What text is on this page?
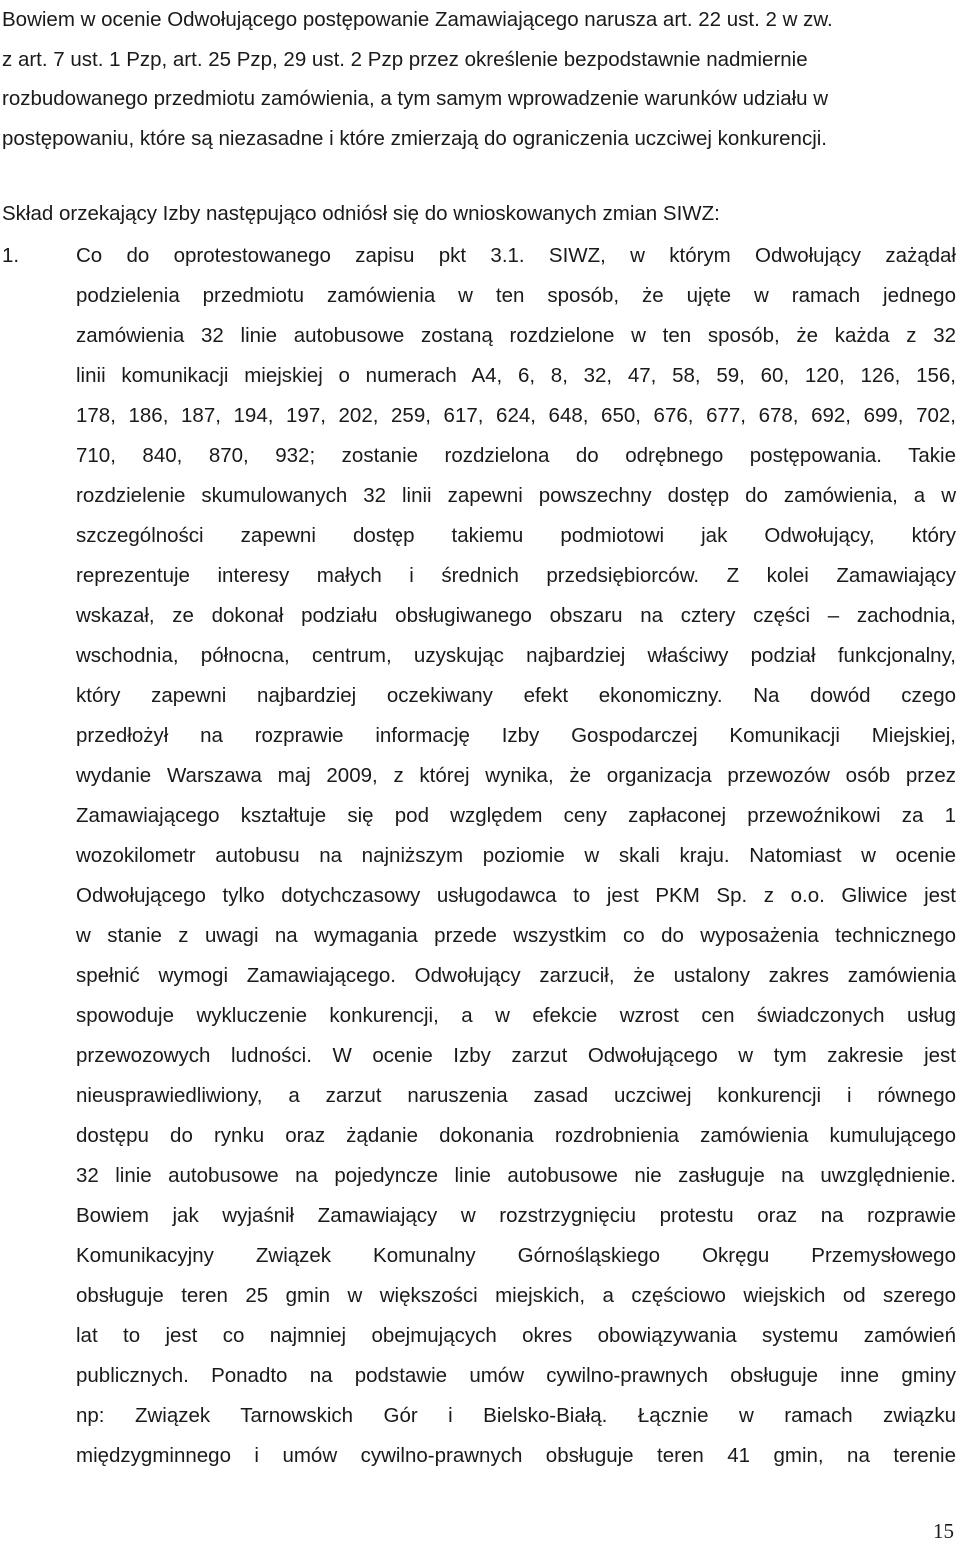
Bowiem w ocenie Odwołującego postępowanie Zamawiającego narusza art. 22 ust. 2 w zw.
z art. 7 ust. 1 Pzp, art. 25 Pzp, 29 ust. 2 Pzp przez określenie bezpodstawnie nadmiernie
rozbudowanego przedmiotu zamówienia, a tym samym wprowadzenie warunków udziału w
postępowaniu, które są niezasadne i które zmierzają do ograniczenia uczciwej konkurencji.

Skład orzekający Izby następująco odniósł się do wnioskowanych zmian SIWZ:

1.	Co do oprotestowanego zapisu pkt 3.1. SIWZ, w którym Odwołujący zażądał
podzielenia przedmiotu zamówienia w ten sposób, że ujęte w ramach jednego
zamówienia 32 linie autobusowe zostaną rozdzielone w ten sposób, że każda z 32
linii komunikacji miejskiej o numerach A4, 6, 8, 32, 47, 58, 59, 60, 120, 126, 156,
178, 186, 187, 194, 197, 202, 259, 617, 624, 648, 650, 676, 677, 678, 692, 699, 702,
710, 840, 870, 932; zostanie rozdzielona do odrębnego postępowania. Takie
rozdzielenie skumulowanych 32 linii zapewni powszechny dostęp do zamówienia, a w
szczególności zapewni dostęp takiemu podmiotowi jak Odwołujący, który
reprezentuje interesy małych i średnich przedsiębiorców. Z kolei Zamawiający
wskazał, ze dokonał podziału obsługiwanego obszaru na cztery części – zachodnia,
wschodnia, północna, centrum, uzyskując najbardziej właściwy podział funkcjonalny,
który zapewni najbardziej oczekiwany efekt ekonomiczny. Na dowód czego
przedłożył na rozprawie informację Izby Gospodarczej Komunikacji Miejskiej,
wydanie Warszawa maj 2009, z której wynika, że organizacja przewozów osób przez
Zamawiającego kształtuje się pod względem ceny zapłaconej przewoźnikowi za 1
wozokilometr autobusu na najniższym poziomie w skali kraju. Natomiast w ocenie
Odwołującego tylko dotychczasowy usługodawca to jest PKM Sp. z o.o. Gliwice jest
w stanie z uwagi na wymagania przede wszystkim co do wyposażenia technicznego
spełnić wymogi Zamawiającego. Odwołujący zarzucił, że ustalony zakres zamówienia
spowoduje wykluczenie konkurencji, a w efekcie wzrost cen świadczonych usług
przewozowych ludności. W ocenie Izby zarzut Odwołującego w tym zakresie jest
nieusprawiedliwiony, a zarzut naruszenia zasad uczciwej konkurencji i równego
dostępu do rynku oraz żądanie dokonania rozdrobnienia zamówienia kumulującego
32 linie autobusowe na pojedyncze linie autobusowe nie zasługuje na uwzględnienie.
Bowiem jak wyjaśnił Zamawiający w rozstrzygnięciu protestu oraz na rozprawie
Komunikacyjny Związek Komunalny Górnośląskiego Okręgu Przemysłowego
obsługuje teren 25 gmin w większości miejskich, a częściowo wiejskich od szerego
lat to jest co najmniej obejmujących okres obowiązywania systemu zamówień
publicznych. Ponadto na podstawie umów cywilno-prawnych obsługuje inne gminy
np: Związek Tarnowskich Gór i Bielsko-Białą. Łącznie w ramach związku
międzygminnego i umów cywilno-prawnych obsługuje teren 41 gmin, na terenie
15
